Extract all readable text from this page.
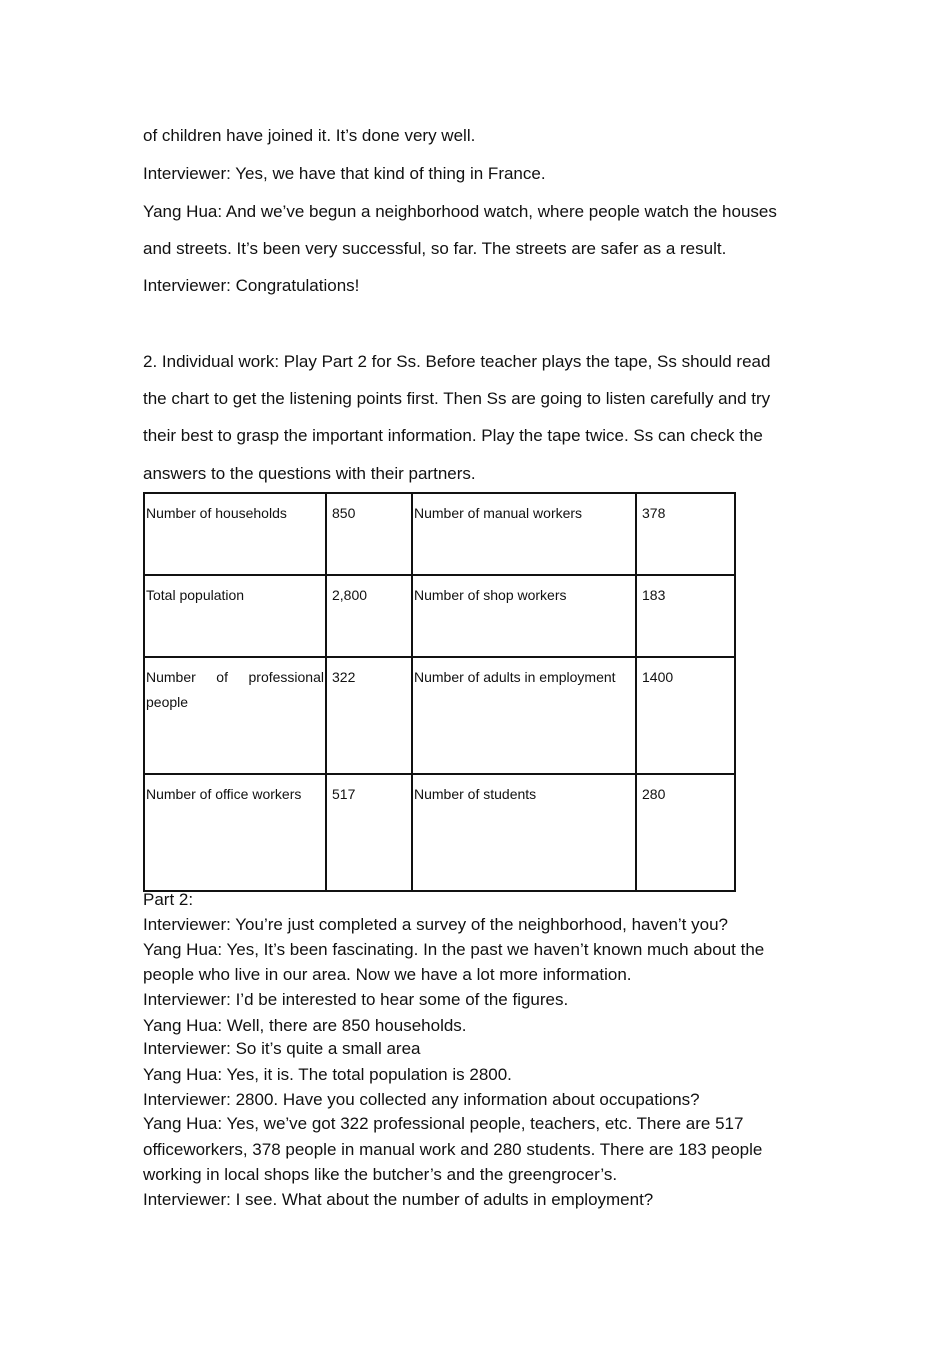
of children have joined it. It’s done very well.
Interviewer: Yes, we have that kind of thing in France.
Yang Hua: And we’ve begun a neighborhood watch, where people watch the houses
and streets. It’s been very successful, so far. The streets are safer as a result.
Interviewer: Congratulations!
2. Individual work: Play Part 2 for Ss. Before teacher plays the tape, Ss should read
the chart to get the listening points first. Then Ss are going to listen carefully and try
their best to grasp the important information. Play the tape twice. Ss can check the
answers to the questions with their partners.
Number of households	850	Number of manual workers	378
Total population	2,800	Number of shop workers	183
Number of professional people	322	Number of adults in employment	1400
Number of office workers	517	Number of students	280
Part 2:
Interviewer: You’re just completed a survey of the neighborhood, haven’t you?
Yang Hua: Yes, It’s been fascinating. In the past we haven’t known much about the
people who live in our area. Now we have a lot more information.
Interviewer: I’d be interested to hear some of the figures.
Yang Hua: Well, there are 850 households.
Interviewer: So it’s quite a small area
Yang Hua: Yes, it is. The total population is 2800.
Interviewer: 2800. Have you collected any information about occupations?
Yang Hua: Yes, we’ve got 322 professional people, teachers, etc. There are 517
officeworkers, 378 people in manual work and 280 students. There are 183 people
working in local shops like the butcher’s and the greengrocer’s.
Interviewer: I see. What about the number of adults in employment?
